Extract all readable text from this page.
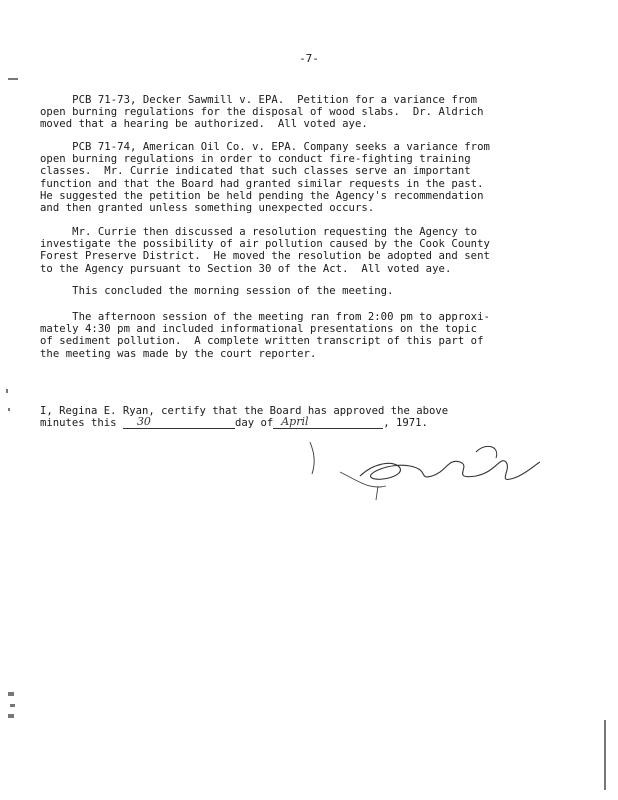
-7-
PCB 71-73, Decker Sawmill v. EPA.  Petition for a variance from
open burning regulations for the disposal of wood slabs.  Dr. Aldrich
moved that a hearing be authorized.  All voted aye.
PCB 71-74, American Oil Co. v. EPA. Company seeks a variance from
open burning regulations in order to conduct fire-fighting training
classes.  Mr. Currie indicated that such classes serve an important
function and that the Board had granted similar requests in the past.
He suggested the petition be held pending the Agency's recommendation
and then granted unless something unexpected occurs.
Mr. Currie then discussed a resolution requesting the Agency to
investigate the possibility of air pollution caused by the Cook County
Forest Preserve District.  He moved the resolution be adopted and sent
to the Agency pursuant to Section 30 of the Act.  All voted aye.
This concluded the morning session of the meeting.
The afternoon session of the meeting ran from 2:00 pm to approxi-
mately 4:30 pm and included informational presentations on the topic
of sediment pollution.  A complete written transcript of this part of
the meeting was made by the court reporter.
I, Regina E. Ryan, certify that the Board has approved the above
minutes this 30	day of April	, 1971.
